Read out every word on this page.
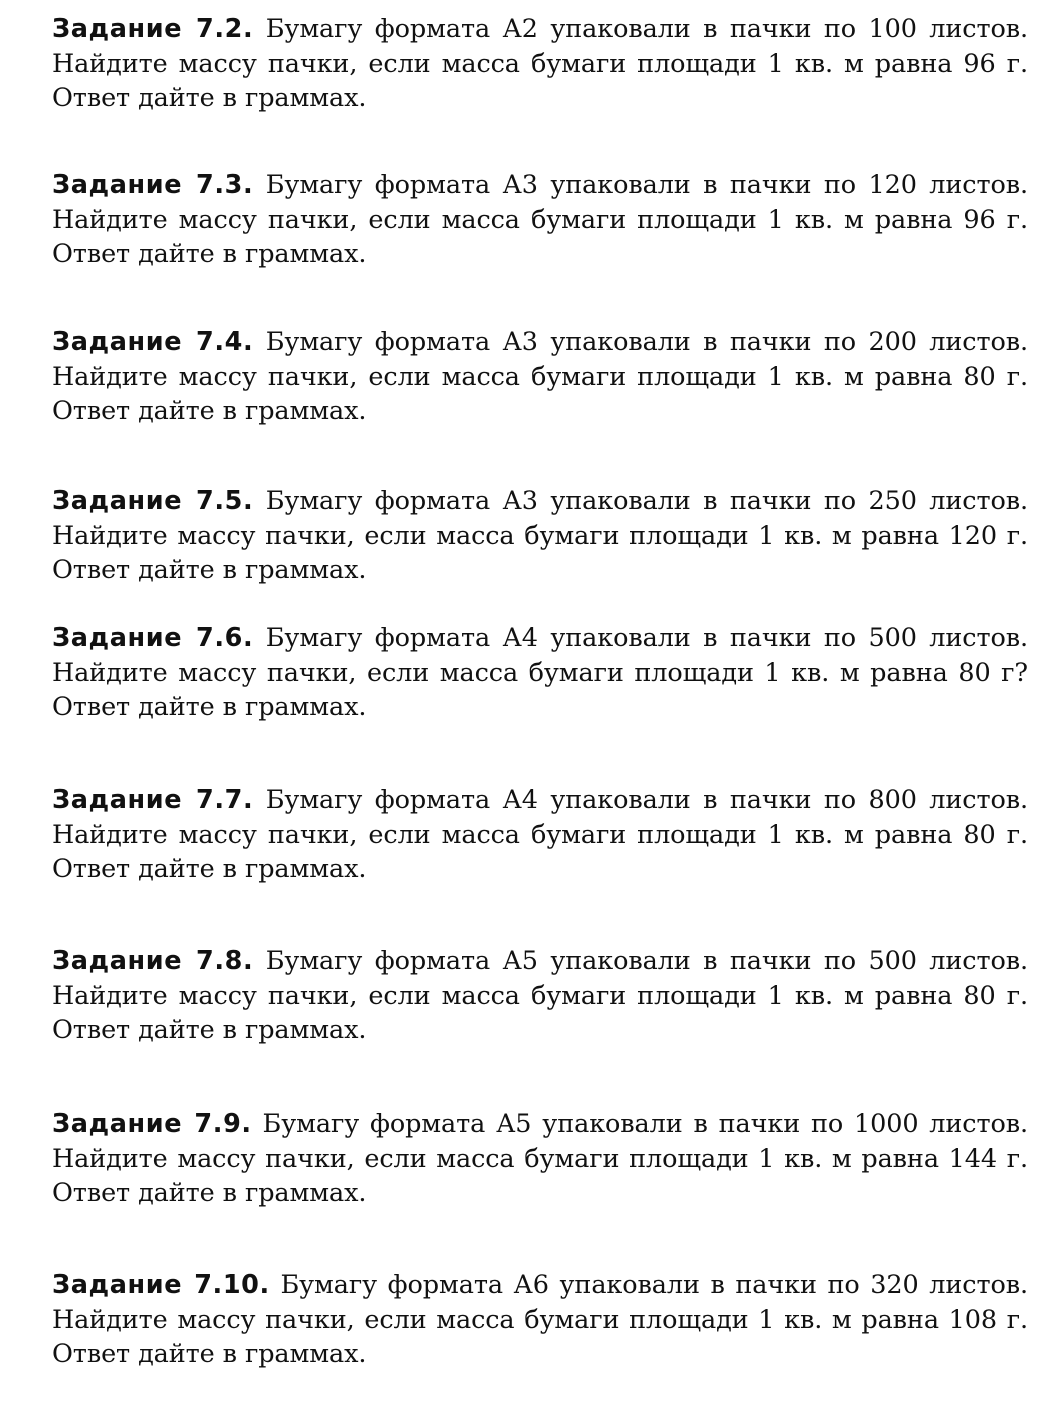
Задание 7.2. Бумагу формата А2 упаковали в пачки по 100 листов. Найдите массу пачки, если масса бумаги площади 1 кв. м равна 96 г. Ответ дайте в граммах.

Задание 7.3. Бумагу формата А3 упаковали в пачки по 120 листов. Найдите массу пачки, если масса бумаги площади 1 кв. м равна 96 г. Ответ дайте в граммах.

Задание 7.4. Бумагу формата А3 упаковали в пачки по 200 листов. Найдите массу пачки, если масса бумаги площади 1 кв. м равна 80 г. Ответ дайте в граммах.

Задание 7.5. Бумагу формата А3 упаковали в пачки по 250 листов. Найдите массу пачки, если масса бумаги площади 1 кв. м равна 120 г. Ответ дайте в граммах.

Задание 7.6. Бумагу формата А4 упаковали в пачки по 500 листов. Найдите массу пачки, если масса бумаги площади 1 кв. м равна 80 г? Ответ дайте в граммах.

Задание 7.7. Бумагу формата А4 упаковали в пачки по 800 листов. Найдите массу пачки, если масса бумаги площади 1 кв. м равна 80 г. Ответ дайте в граммах.

Задание 7.8. Бумагу формата А5 упаковали в пачки по 500 листов. Найдите массу пачки, если масса бумаги площади 1 кв. м равна 80 г. Ответ дайте в граммах.

Задание 7.9. Бумагу формата А5 упаковали в пачки по 1000 листов. Найдите массу пачки, если масса бумаги площади 1 кв. м равна 144 г. Ответ дайте в граммах.

Задание 7.10. Бумагу формата А6 упаковали в пачки по 320 листов. Найдите массу пачки, если масса бумаги площади 1 кв. м равна 108 г. Ответ дайте в граммах.
